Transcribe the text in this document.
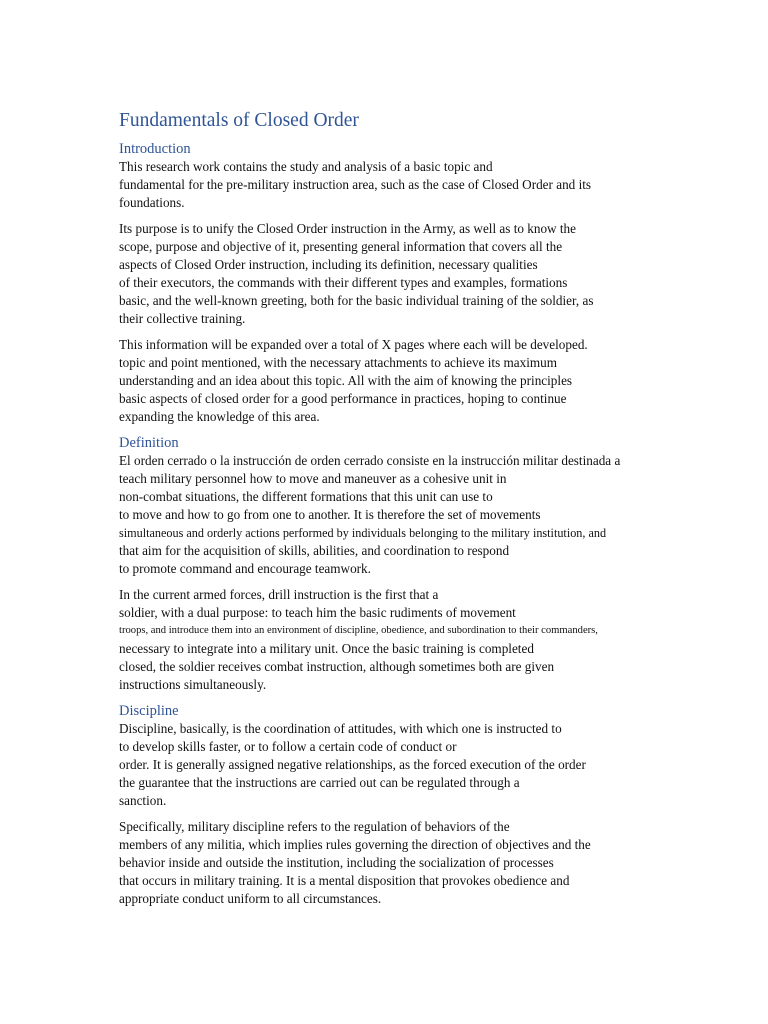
Fundamentals of Closed Order
Introduction
This research work contains the study and analysis of a basic topic and
fundamental for the pre-military instruction area, such as the case of Closed Order and its
foundations.
Its purpose is to unify the Closed Order instruction in the Army, as well as to know the
scope, purpose and objective of it, presenting general information that covers all the
aspects of Closed Order instruction, including its definition, necessary qualities
of their executors, the commands with their different types and examples, formations
basic, and the well-known greeting, both for the basic individual training of the soldier, as
their collective training.
This information will be expanded over a total of X pages where each will be developed.
topic and point mentioned, with the necessary attachments to achieve its maximum
understanding and an idea about this topic. All with the aim of knowing the principles
basic aspects of closed order for a good performance in practices, hoping to continue
expanding the knowledge of this area.
Definition
El orden cerrado o la instrucción de orden cerrado consiste en la instrucción militar destinada a
teach military personnel how to move and maneuver as a cohesive unit in
non-combat situations, the different formations that this unit can use to
to move and how to go from one to another. It is therefore the set of movements
simultaneous and orderly actions performed by individuals belonging to the military institution, and
that aim for the acquisition of skills, abilities, and coordination to respond
to promote command and encourage teamwork.
In the current armed forces, drill instruction is the first that a
soldier, with a dual purpose: to teach him the basic rudiments of movement
troops, and introduce them into an environment of discipline, obedience, and subordination to their commanders,
necessary to integrate into a military unit. Once the basic training is completed
closed, the soldier receives combat instruction, although sometimes both are given
instructions simultaneously.
Discipline
Discipline, basically, is the coordination of attitudes, with which one is instructed to
to develop skills faster, or to follow a certain code of conduct or
order. It is generally assigned negative relationships, as the forced execution of the order
the guarantee that the instructions are carried out can be regulated through a
sanction.
Specifically, military discipline refers to the regulation of behaviors of the
members of any militia, which implies rules governing the direction of objectives and the
behavior inside and outside the institution, including the socialization of processes
that occurs in military training. It is a mental disposition that provokes obedience and
appropriate conduct uniform to all circumstances.
